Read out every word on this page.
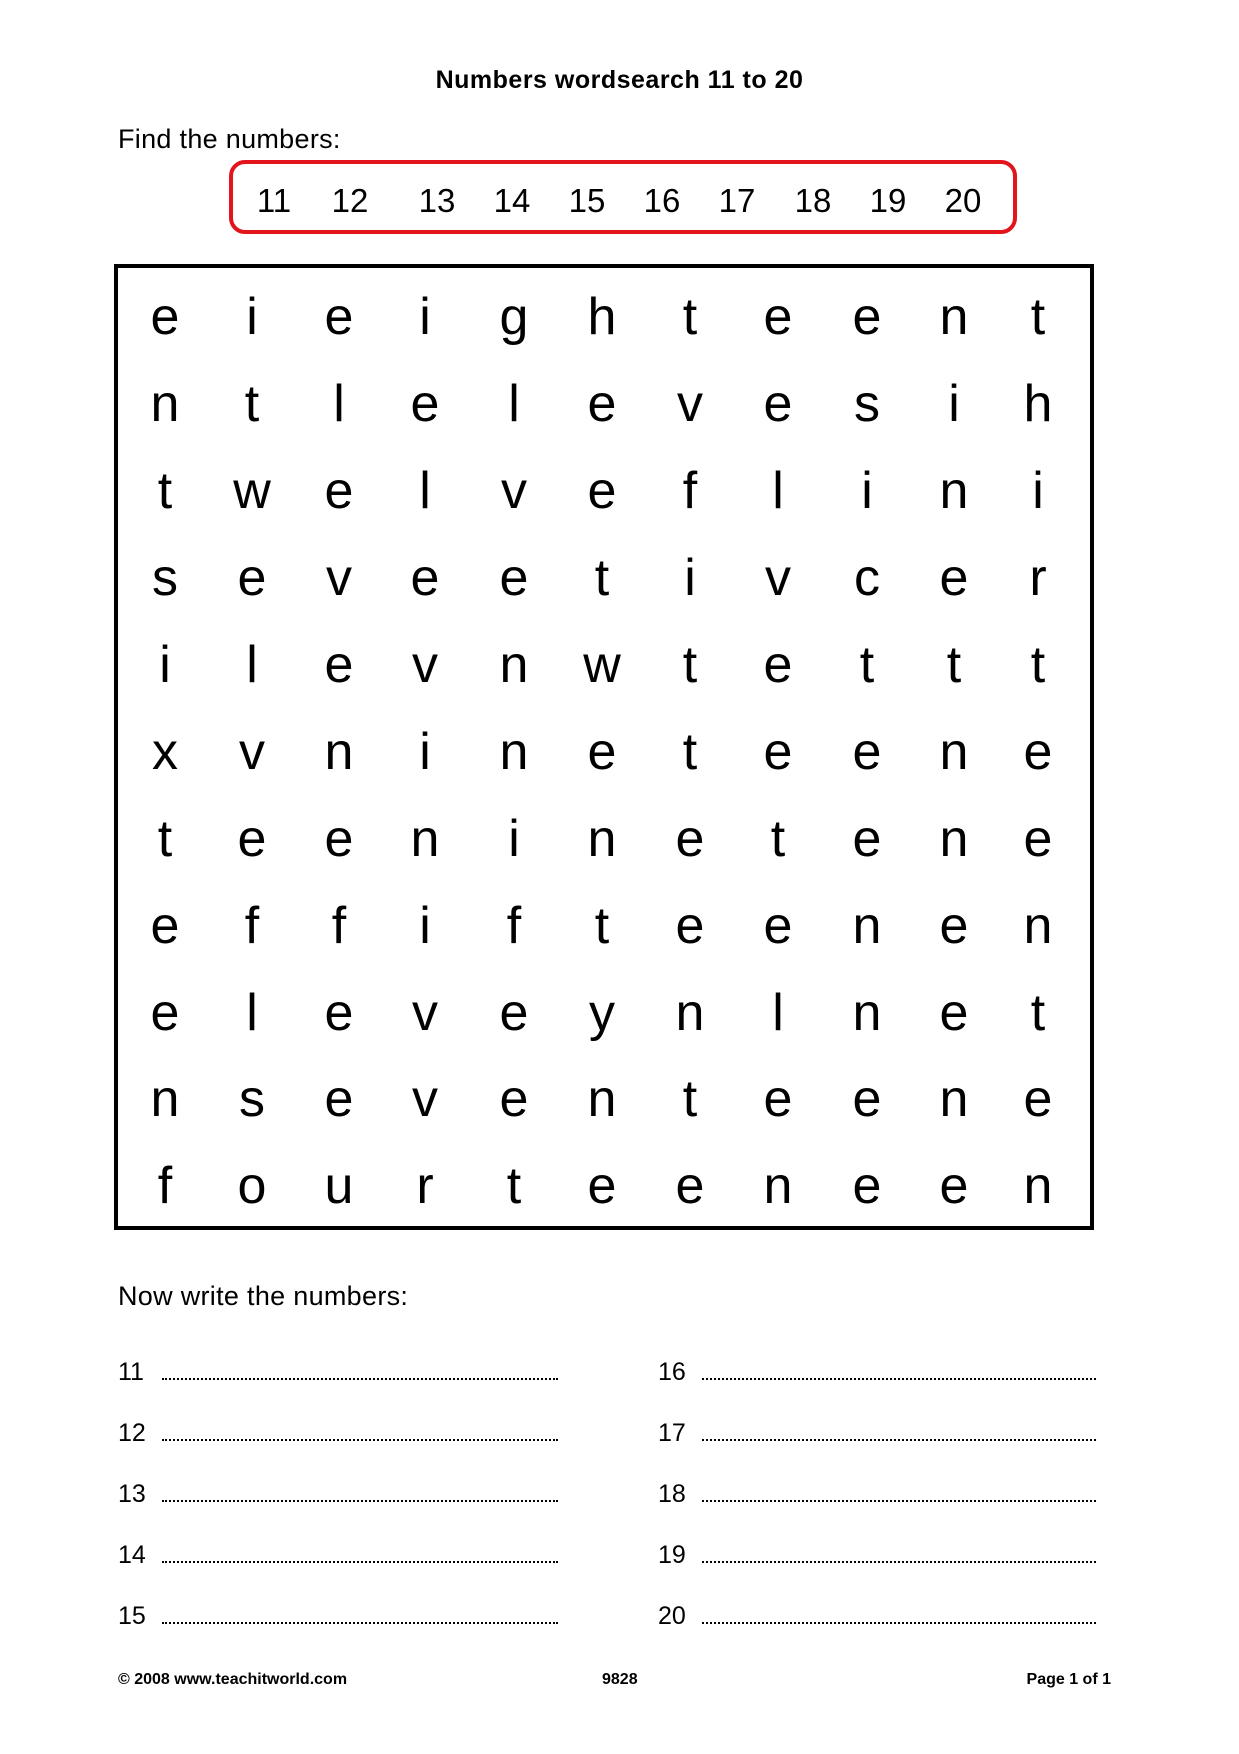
Numbers wordsearch 11 to 20
Find the numbers:
11 12 13 14 15 16 17 18 19 20
e	i	e	i	g	h	t	e	e	n	t
n	t	l	e	l	e	v	e	s	i	h
t	w	e	l	v	e	f	l	i	n	i
s	e	v	e	e	t	i	v	c	e	r
i	l	e	v	n	w	t	e	t	t	t
x	v	n	i	n	e	t	e	e	n	e
t	e	e	n	i	n	e	t	e	n	e
e	f	f	i	f	t	e	e	n	e	n
e	l	e	v	e	y	n	l	n	e	t
n	s	e	v	e	n	t	e	e	n	e
f	o	u	r	t	e	e	n	e	e	n
Now write the numbers:
11
12
13
14
15
16
17
18
19
20
© 2008 www.teachitworld.com	9828	Page 1 of 1
